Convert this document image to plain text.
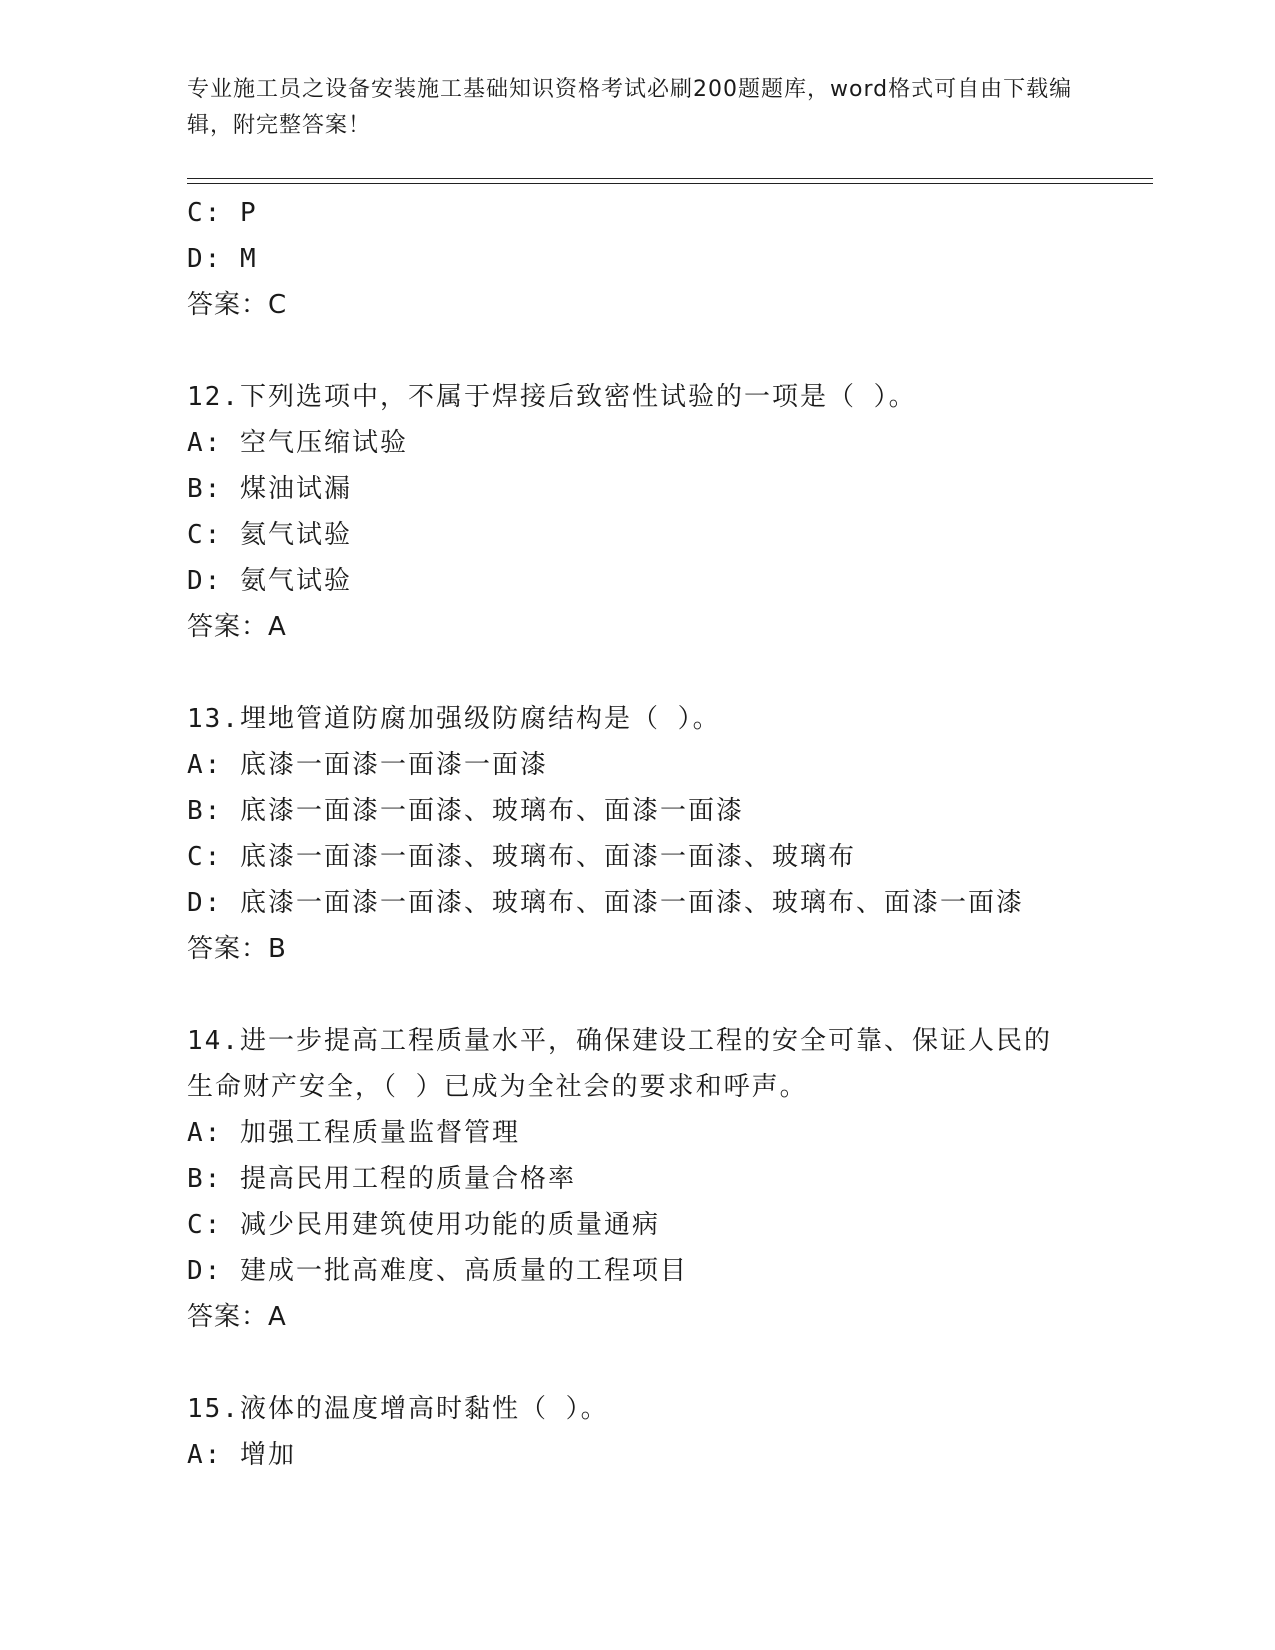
专业施工员之设备安装施工基础知识资格考试必刷200题题库，word格式可自由下载编辑，附完整答案！
C: P
D: M
答案：C
12.下列选项中，不属于焊接后致密性试验的一项是（ ）。
A: 空气压缩试验
B: 煤油试漏
C: 氦气试验
D: 氨气试验
答案：A
13.埋地管道防腐加强级防腐结构是（ ）。
A: 底漆一面漆一面漆一面漆
B: 底漆一面漆一面漆、玻璃布、面漆一面漆
C: 底漆一面漆一面漆、玻璃布、面漆一面漆、玻璃布
D: 底漆一面漆一面漆、玻璃布、面漆一面漆、玻璃布、面漆一面漆
答案：B
14.进一步提高工程质量水平，确保建设工程的安全可靠、保证人民的
生命财产安全，（ ）已成为全社会的要求和呼声。
A: 加强工程质量监督管理
B: 提高民用工程的质量合格率
C: 减少民用建筑使用功能的质量通病
D: 建成一批高难度、高质量的工程项目
答案：A
15.液体的温度增高时黏性（ ）。
A: 增加
